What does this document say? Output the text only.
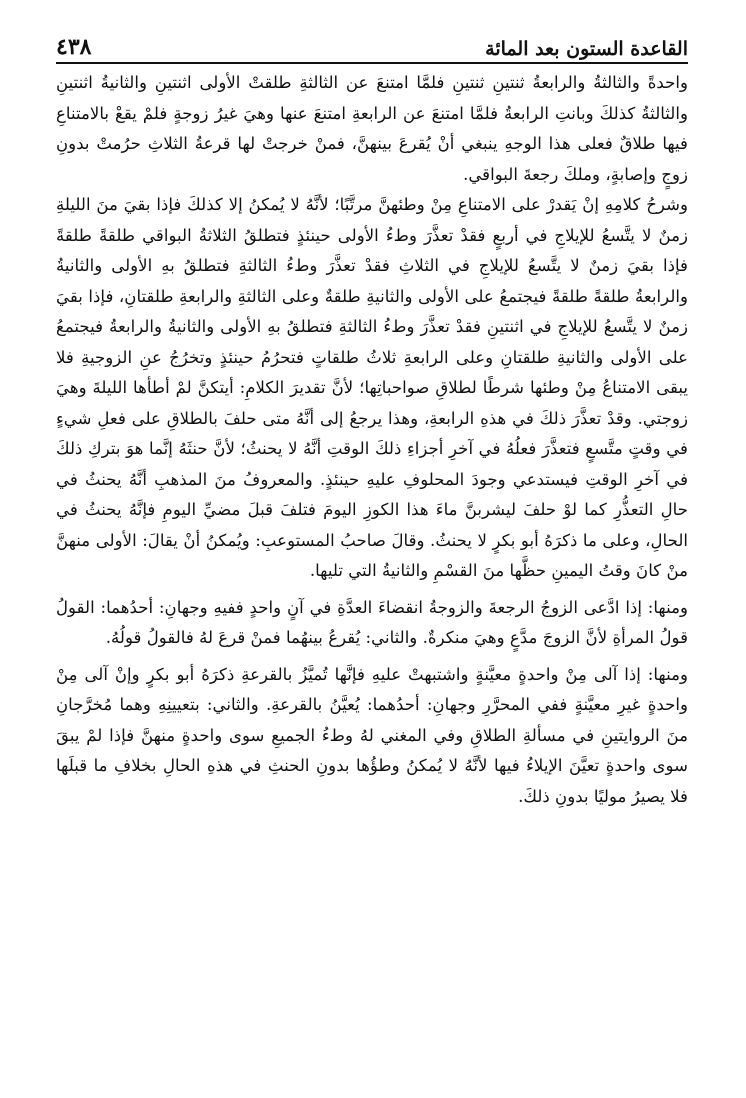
القاعدة الستون بعد المائة
٤٣٨

واحدةً والثالثةُ والرابعةُ ثنتينِ ثنتينِ فلمَّا امتنعَ عن الثالثةِ طلقتْ الأولى اثنتينِ والثانيةُ اثنتينِ والثالثةُ كذلكَ وبانتِ الرابعةُ فلمَّا امتنعَ عن الرابعةِ امتنعَ عنها وهيَ غيرُ زوجةٍ فلمْ يقعْ بالامتناعِ فيها طلاقٌ فعلى هذا الوجهِ ينبغي أنْ يُقرعَ بينهنَّ، فمنْ خرجتْ لها قرعةُ الثلاثِ حرُمتْ بدونِ زوجٍ وإصابةٍ، وملكَ رجعةَ البواقي.

وشرحُ كلامِهِ إنْ يَقدرْ على الامتناعِ مِنْ وطئهنَّ مرتَّبًا؛ لأنَّهُ لا يُمكنُ إلا كذلكَ فإذا بقيَ منَ الليلةِ زمنٌ لا يتَّسعُ للإيلاجِ في أربعٍ فقدْ تعذَّرَ وطءُ الأولى حينئذٍ فتطلقُ الثلاثةُ البواقي طلقةً طلقةً فإذا بقيَ زمنٌ لا يتَّسعُ للإيلاجِ في الثلاثِ فقدْ تعذَّرَ وطءُ الثالثةِ فتطلقُ بهِ الأولى والثانيةُ والرابعةُ طلقةً طلقةً فيجتمعُ على الأولى والثانيةِ طلقةٌ وعلى الثالثةِ والرابعةِ طلقتانِ، فإذا بقيَ زمنٌ لا يتَّسعُ للإيلاجِ في اثنتينِ فقدْ تعذَّرَ وطءُ الثالثةِ فتطلقُ بهِ الأولى والثانيةُ والرابعةُ فيجتمعُ على الأولى والثانيةِ طلقتانِ وعلى الرابعةِ ثلاثُ طلقاتٍ فتحرُمُ حينئذٍ وتخرُجُ عنِ الزوجيةِ فلا يبقى الامتناعُ مِنْ وطئها شرطًا لطلاقِ صواحباتِها؛ لأنَّ تقديرَ الكلامِ: أيتكنَّ لمْ أطأها الليلةَ وهيَ زوجتي. وقدْ تعذَّرَ ذلكَ في هذهِ الرابعةِ، وهذا يرجعُ إلى أنَّهُ متى حلفَ بالطلاقِ على فعلِ شيءٍ في وقتٍ متَّسعٍ فتعذَّرَ فعلُهُ في آخرِ أجزاءِ ذلكَ الوقتِ أنَّهُ لا يحنثُ؛ لأنَّ حنثَهُ إنَّما هوَ بتركِ ذلكَ في آخرِ الوقتِ فيستدعي وجودَ المحلوفِ عليهِ حينئذٍ. والمعروفُ منَ المذهبِ أنَّهُ يحنثُ في حالِ التعذُّرِ كما لوْ حلفَ ليشربنَّ ماءَ هذا الكوزِ اليومَ فتلفَ قبلَ مضيِّ اليومِ فإنَّهُ يحنثُ في الحالِ، وعلى ما ذكرَهُ أبو بكرٍ لا يحنثُ. وقالَ صاحبُ المستوعبِ: ويُمكنُ أنْ يقالَ: الأولى منهنَّ منْ كانَ وقتُ اليمينِ حظَّها منَ القسْمِ والثانيةُ التي تليها.

ومنها: إذا ادَّعى الزوجُ الرجعةَ والزوجةُ انقضاءَ العدَّةِ في آنٍ واحدٍ ففيهِ وجهانِ: أحدُهما: القولُ قولُ المرأةِ لأنَّ الزوجَ مدَّعٍ وهيَ منكرةٌ. والثاني: يُقرعُ بينهُما فمنْ قرعَ لهُ فالقولُ قولُهُ.

ومنها: إذا آلى مِنْ واحدةٍ معيَّنةٍ واشتبهتْ عليهِ فإنَّها تُميَّزُ بالقرعةِ ذكرَهُ أبو بكرٍ وإنْ آلى مِنْ واحدةٍ غيرِ معيَّنةٍ ففي المحرَّرِ وجهانِ: أحدُهما: يُعيَّنُ بالقرعةِ. والثاني: بتعيينِهِ وهما مُخرَّجانِ منَ الروايتينِ في مسألةِ الطلاقِ وفي المغني لهُ وطءُ الجميعِ سوى واحدةٍ منهنَّ فإذا لمْ يبقَ سوى واحدةٍ تعيَّنَ الإيلاءُ فيها لأنَّهُ لا يُمكنُ وطؤُها بدونِ الحنثِ في هذهِ الحالِ بخلافِ ما قبلَها فلا يصيرُ موليًا بدونِ ذلكَ.
